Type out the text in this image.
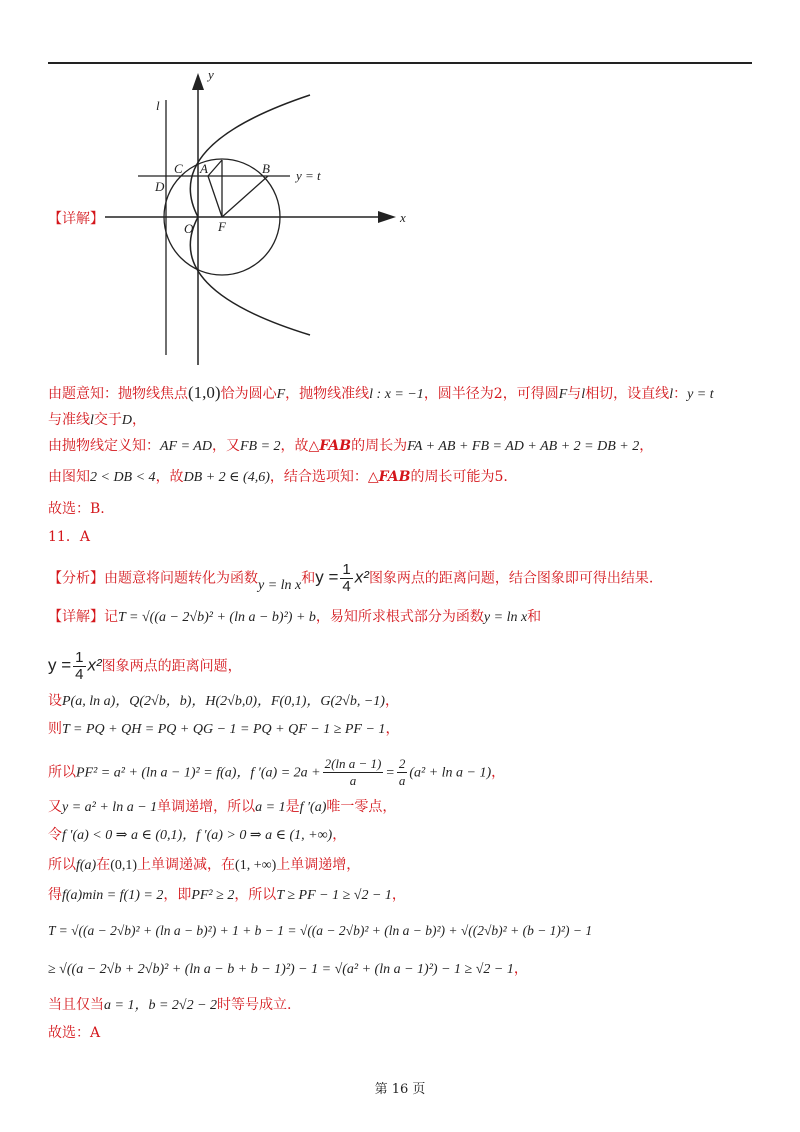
【详解】
y
l
x
O F
C A	B
D
y = t
由题意知：抛物线焦点(1,0)恰为圆心F，抛物线准线l : x = −1，圆半径为2，可得圆F与l相切，设直线l：y = t
与准线l交于D，
由抛物线定义知：AF = AD，又FB = 2，故△FAB的周长为FA + AB + FB = AD + AB + 2 = DB + 2，
由图知2 < DB < 4，故DB + 2 ∈ (4,6)，结合选项知：△FAB的周长可能为5.
故选：B.
11．A
【分析】由题意将问题转化为函数y = ln x和$y = \frac{1}{4} x^2$图象两点的距离问题，结合图象即可得出结果.
【详解】记T = √((a − 2√b)² + (ln a − b)²) + b，易知所求根式部分为函数y = ln x和
$y = \frac{1}{4} x^2$图象两点的距离问题，
设P(a, ln a)，Q(2√b，b)，H(2√b,0)，F(0,1)，G(2√b, −1)，
则T = PQ + QH = PQ + QG − 1 = PQ + QF − 1 ≥ PF − 1，
所以PF² = a² + (ln a − 1)² = f(a)，f $'(a) = 2a + \frac{\text{2(ln a − 1)}}{a} = \frac{2}{a} (a^2 + \ln a - 1)$，
又y = a² + ln a − 1单调递增，所以a = 1是f ′(a)唯一零点，
令f ′(a) < 0 ⇒ a ∈ (0,1)，f ′(a) > 0 ⇒ a ∈ (1, +∞)，
所以f(a)在(0,1)上单调递减，在(1, +∞)上单调递增，
得f(a)min = f(1) = 2，即PF² ≥ 2，所以T ≥ PF − 1 ≥ √2 − 1，
T = √((a − 2√b)² + (ln a − b)²) + 1 + b − 1 = √((a − 2√b)² + (ln a − b)²) + √((2√b)² + (b − 1)²) − 1
≥ √((a − 2√b + 2√b)² + (ln a − b + b − 1)²) − 1 = √(a² + (ln a − 1)²) − 1 ≥ √2 − 1，
当且仅当a = 1，b = 2√2 − 2时等号成立.
故选：A
第 16 页
